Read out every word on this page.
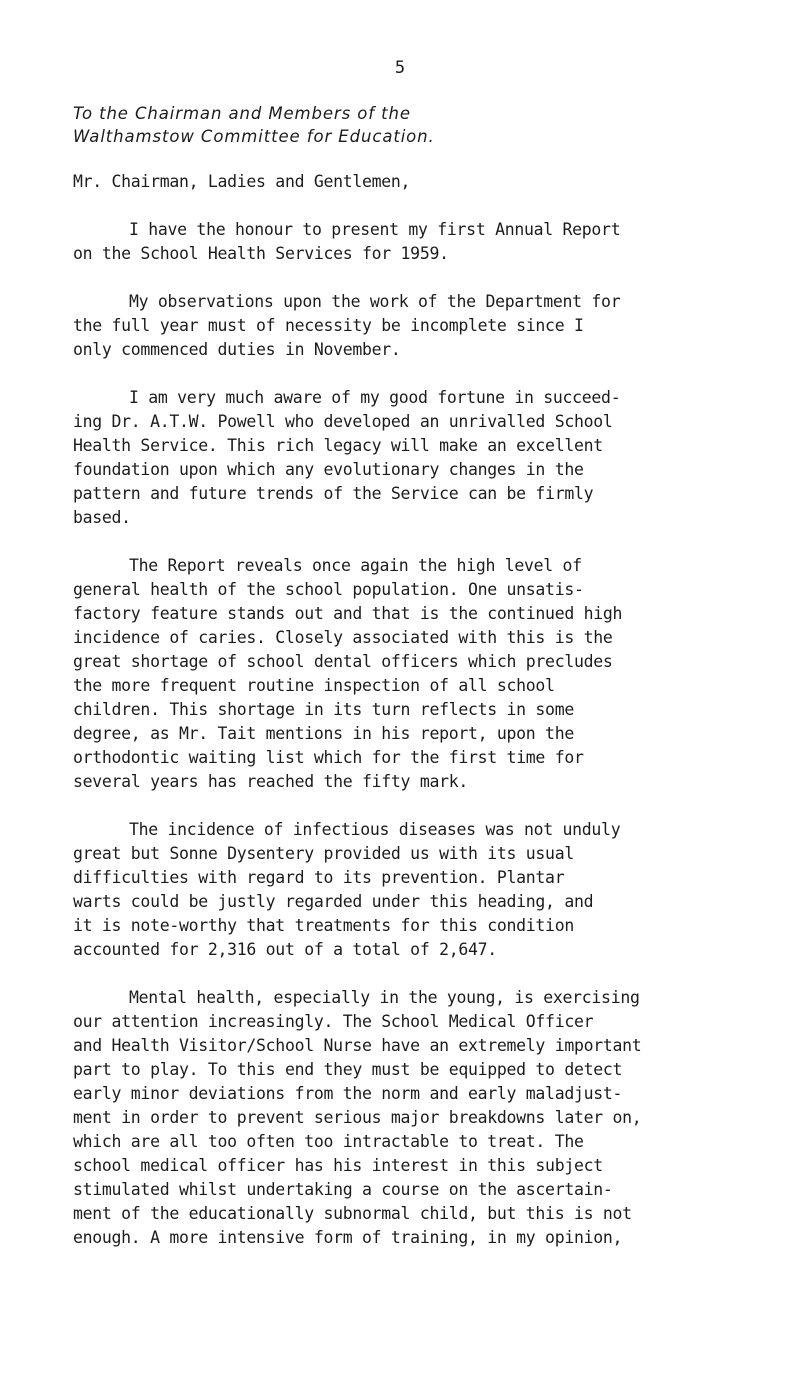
5
To the Chairman and Members of the
Walthamstow Committee for Education.

Mr. Chairman, Ladies and Gentlemen,

I have the honour to present my first Annual Report
on the School Health Services for 1959.

My observations upon the work of the Department for
the full year must of necessity be incomplete since I
only commenced duties in November.

I am very much aware of my good fortune in succeed-
ing Dr. A.T.W. Powell who developed an unrivalled School
Health Service. This rich legacy will make an excellent
foundation upon which any evolutionary changes in the
pattern and future trends of the Service can be firmly
based.

The Report reveals once again the high level of
general health of the school population. One unsatis-
factory feature stands out and that is the continued high
incidence of caries. Closely associated with this is the
great shortage of school dental officers which precludes
the more frequent routine inspection of all school
children. This shortage in its turn reflects in some
degree, as Mr. Tait mentions in his report, upon the
orthodontic waiting list which for the first time for
several years has reached the fifty mark.

The incidence of infectious diseases was not unduly
great but Sonne Dysentery provided us with its usual
difficulties with regard to its prevention. Plantar
warts could be justly regarded under this heading, and
it is note-worthy that treatments for this condition
accounted for 2,316 out of a total of 2,647.

Mental health, especially in the young, is exercising
our attention increasingly. The School Medical Officer
and Health Visitor/School Nurse have an extremely important
part to play. To this end they must be equipped to detect
early minor deviations from the norm and early maladjust-
ment in order to prevent serious major breakdowns later on,
which are all too often too intractable to treat. The
school medical officer has his interest in this subject
stimulated whilst undertaking a course on the ascertain-
ment of the educationally subnormal child, but this is not
enough. A more intensive form of training, in my opinion,
